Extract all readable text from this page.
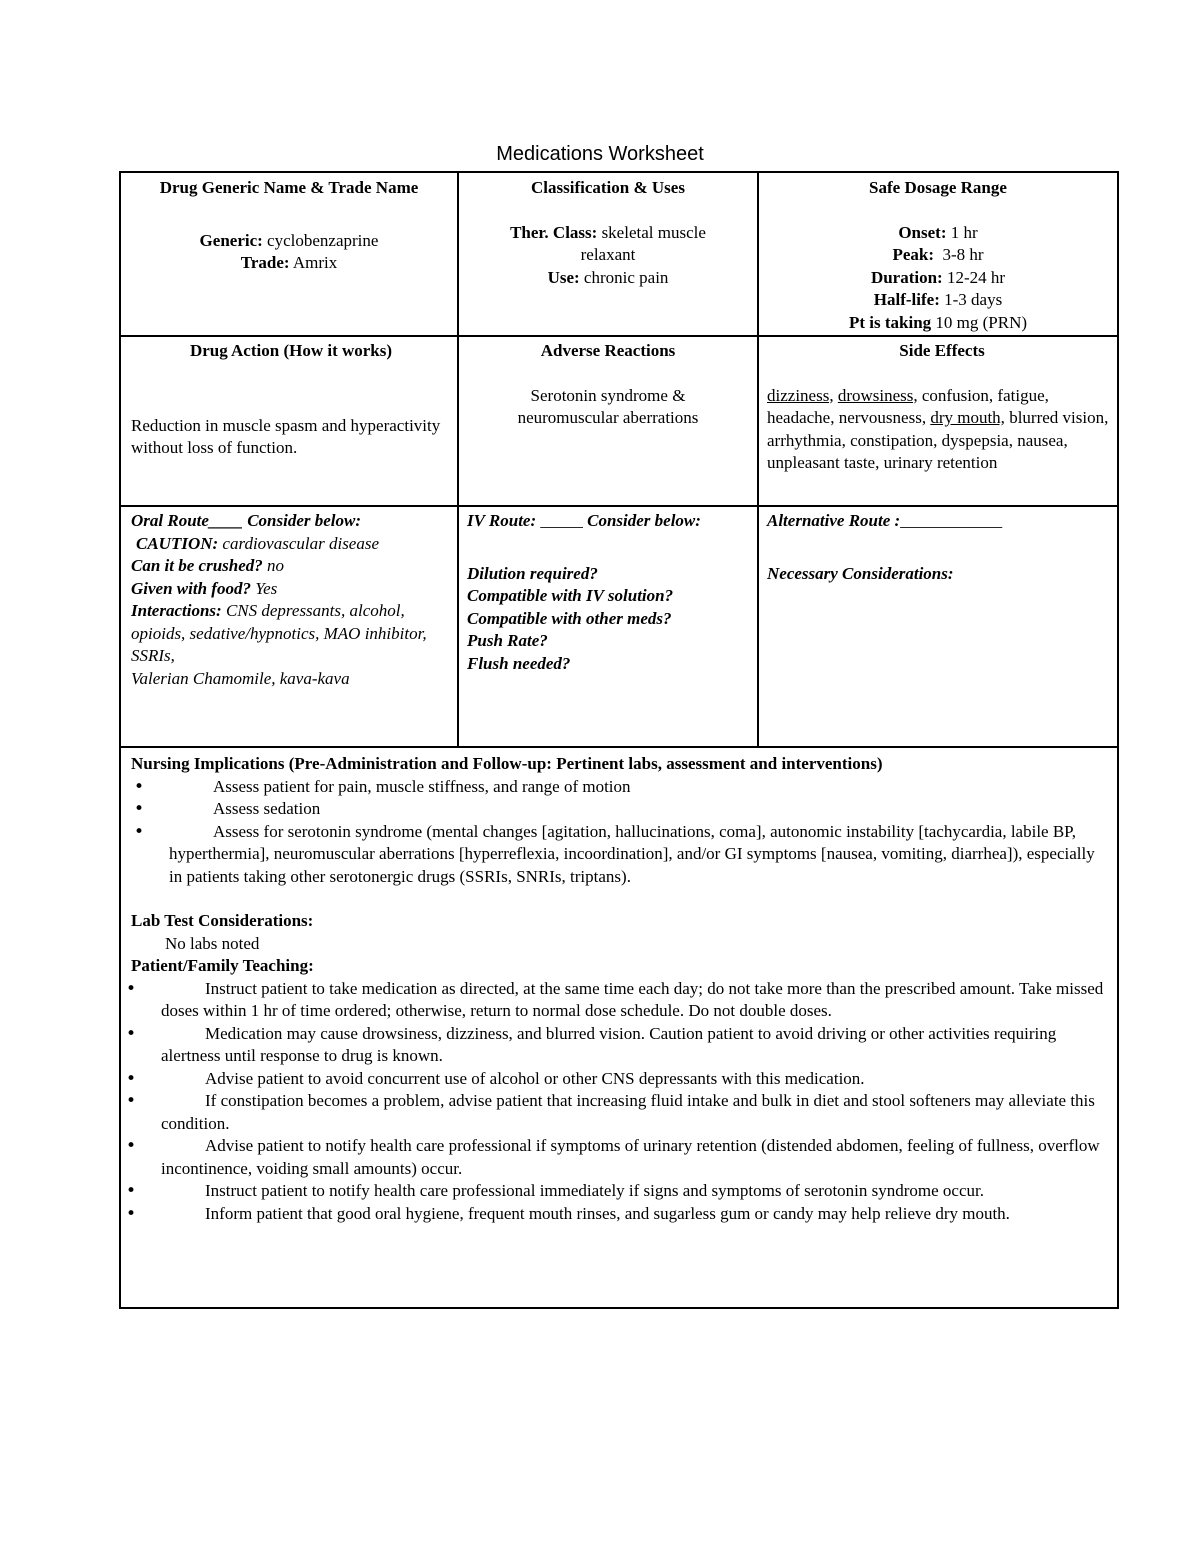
Medications Worksheet
Drug Generic Name & Trade Name
Generic: cyclobenzaprine
Trade: Amrix
Classification & Uses
Ther. Class: skeletal muscle
relaxant
Use: chronic pain
Safe Dosage Range
Onset: 1 hr
Peak: 3-8 hr
Duration: 12-24 hr
Half-life: 1-3 days
Pt is taking 10 mg (PRN)
Drug Action (How it works)
Reduction in muscle spasm and hyperactivity without loss of function.
Adverse Reactions
Serotonin syndrome &
neuromuscular aberrations
Side Effects
dizziness, drowsiness, confusion, fatigue, headache, nervousness, dry mouth, blurred vision, arrhythmia, constipation, dyspepsia, nausea, unpleasant taste, urinary retention
Oral Route____ Consider below:
CAUTION: cardiovascular disease
Can it be crushed? no
Given with food? Yes
Interactions: CNS depressants, alcohol, opioids, sedative/hypnotics, MAO inhibitor, SSRIs,
Valerian Chamomile, kava-kava
IV Route: _____ Consider below:
Dilution required?
Compatible with IV solution?
Compatible with other meds?
Push Rate?
Flush needed?
Alternative Route :____________
Necessary Considerations:
Nursing Implications (Pre-Administration and Follow-up: Pertinent labs, assessment and interventions)
• Assess patient for pain, muscle stiffness, and range of motion
• Assess sedation
• Assess for serotonin syndrome (mental changes [agitation, hallucinations, coma], autonomic instability [tachycardia, labile BP, hyperthermia], neuromuscular aberrations [hyperreflexia, incoordination], and/or GI symptoms [nausea, vomiting, diarrhea]), especially in patients taking other serotonergic drugs (SSRIs, SNRIs, triptans).
Lab Test Considerations:
No labs noted
Patient/Family Teaching:
• Instruct patient to take medication as directed, at the same time each day; do not take more than the prescribed amount. Take missed doses within 1 hr of time ordered; otherwise, return to normal dose schedule. Do not double doses.
• Medication may cause drowsiness, dizziness, and blurred vision. Caution patient to avoid driving or other activities requiring alertness until response to drug is known.
• Advise patient to avoid concurrent use of alcohol or other CNS depressants with this medication.
• If constipation becomes a problem, advise patient that increasing fluid intake and bulk in diet and stool softeners may alleviate this condition.
• Advise patient to notify health care professional if symptoms of urinary retention (distended abdomen, feeling of fullness, overflow incontinence, voiding small amounts) occur.
• Instruct patient to notify health care professional immediately if signs and symptoms of serotonin syndrome occur.
• Inform patient that good oral hygiene, frequent mouth rinses, and sugarless gum or candy may help relieve dry mouth.
